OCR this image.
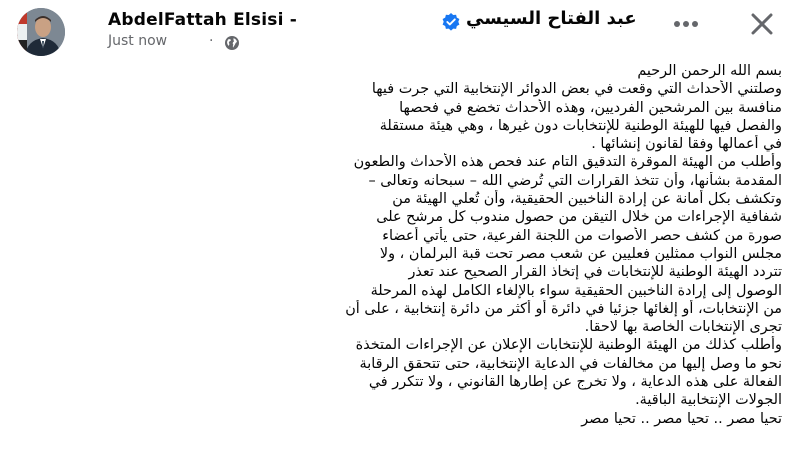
AbdelFattah Elsisi -	عبد الفتاح السيسي
Just now	·
بسم الله الرحمن الرحيم
وصلتني الأحداث التي وقعت في بعض الدوائر الإنتخابية التي جرت فيها
منافسة بين المرشحين الفرديين، وهذه الأحداث تخضع في فحصها
والفصل فيها للهيئة الوطنية للإنتخابات دون غيرها ، وهي هيئة مستقلة
في أعمالها وفقا لقانون إنشائها .
وأطلب من الهيئة الموقرة التدقيق التام عند فحص هذه الأحداث والطعون
المقدمة بشأنها، وأن تتخذ القرارات التي تُرضي الله – سبحانه وتعالى –
وتكشف بكل أمانة عن إرادة الناخبين الحقيقية، وأن تُعلي الهيئة من
شفافية الإجراءات من خلال التيقن من حصول مندوب كل مرشح على
صورة من كشف حصر الأصوات من اللجنة الفرعية، حتى يأتي أعضاء
مجلس النواب ممثلين فعليين عن شعب مصر تحت قبة البرلمان ، ولا
تتردد الهيئة الوطنية للإنتخابات في إتخاذ القرار الصحيح عند تعذر
الوصول إلى إرادة الناخبين الحقيقية سواء بالإلغاء الكامل لهذه المرحلة
من الإنتخابات، أو إلغائها جزئيا في دائرة أو أكثر من دائرة إنتخابية ، على أن
تجرى الإنتخابات الخاصة بها لاحقا.
وأطلب كذلك من الهيئة الوطنية للإنتخابات الإعلان عن الإجراءات المتخذة
نحو ما وصل إليها من مخالفات في الدعاية الإنتخابية، حتى تتحقق الرقابة
الفعالة على هذه الدعاية ، ولا تخرج عن إطارها القانوني ، ولا تتكرر في
الجولات الإنتخابية الباقية.
تحيا مصر .. تحيا مصر .. تحيا مصر
